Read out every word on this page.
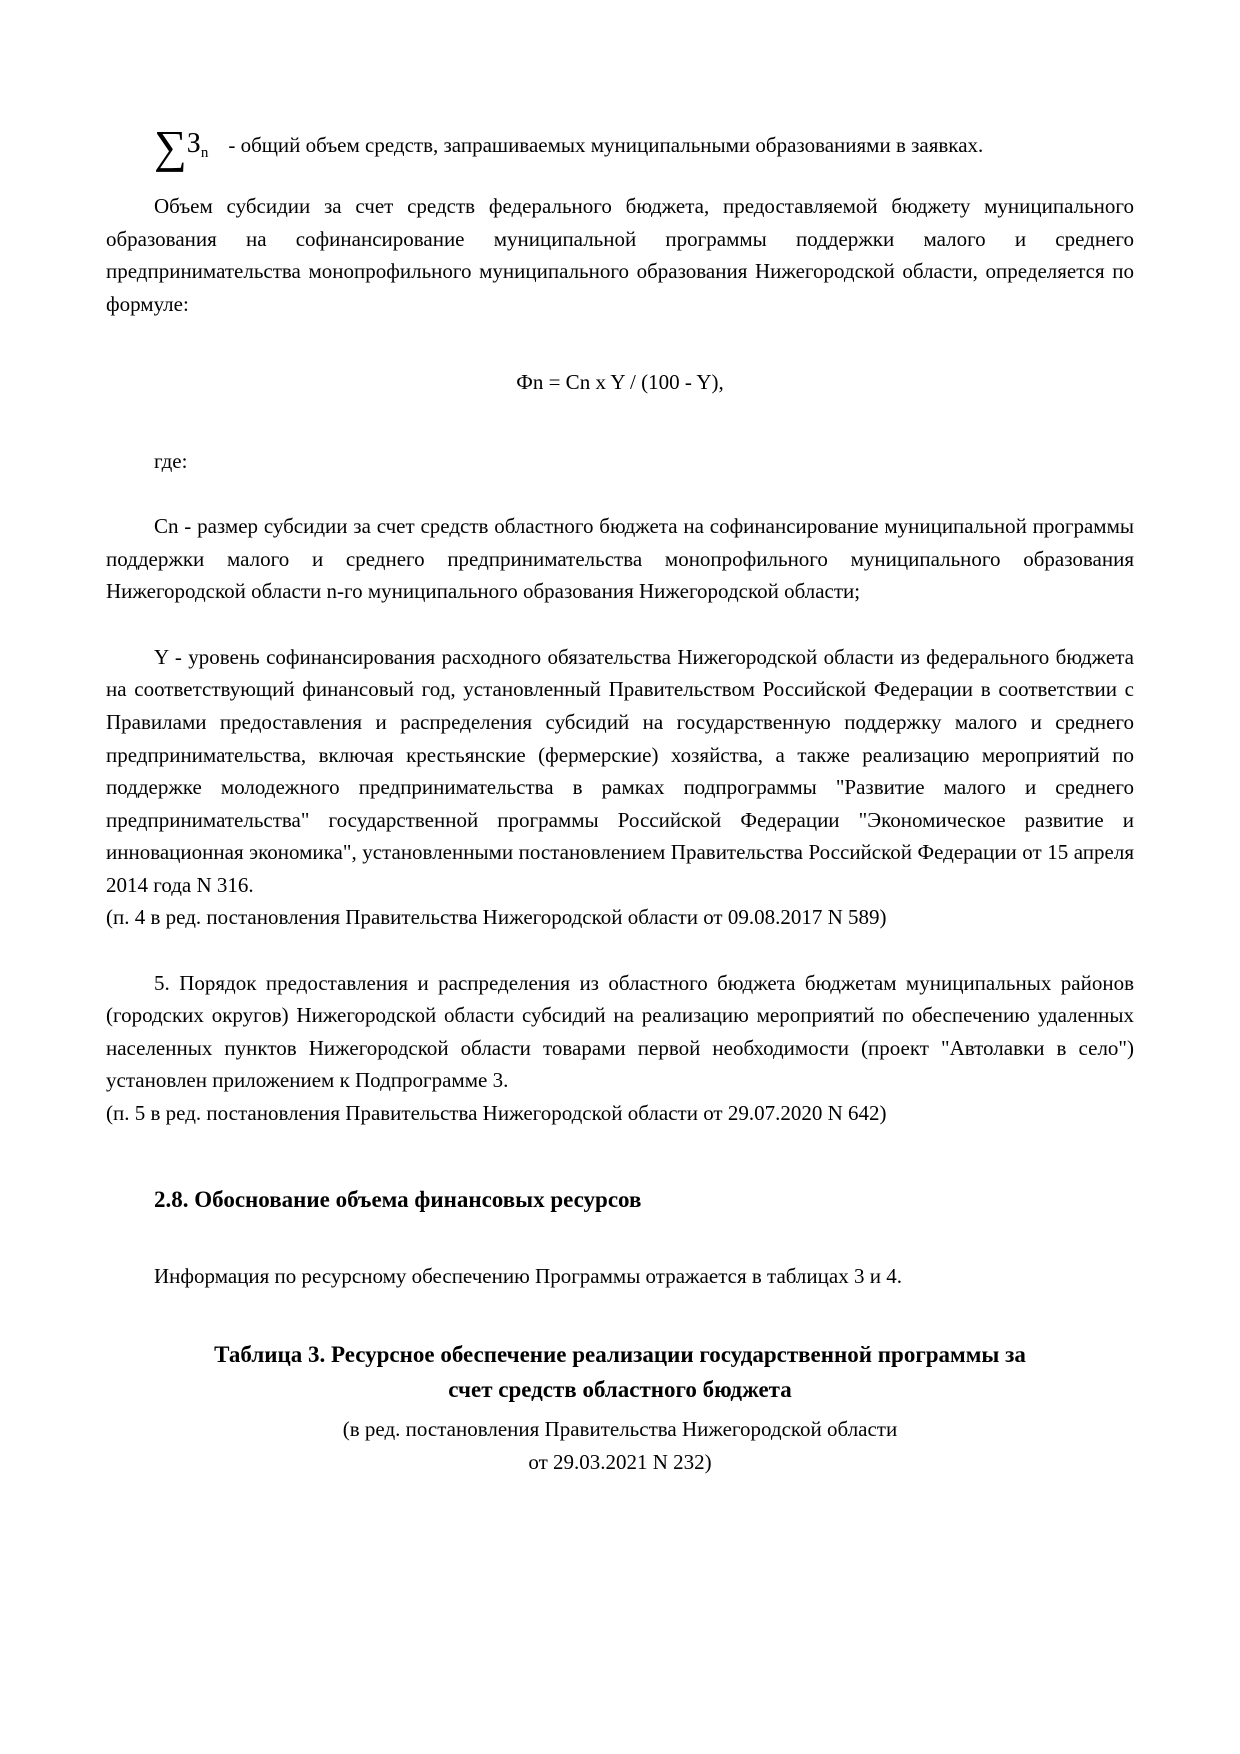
$\sum З_n$ - общий объем средств, запрашиваемых муниципальными образованиями в заявках.

Объем субсидии за счет средств федерального бюджета, предоставляемой бюджету муниципального образования на софинансирование муниципальной программы поддержки малого и среднего предпринимательства монопрофильного муниципального образования Нижегородской области, определяется по формуле:

Фn = Cn x Y / (100 - Y),

где:

Cn - размер субсидии за счет средств областного бюджета на софинансирование муниципальной программы поддержки малого и среднего предпринимательства монопрофильного муниципального образования Нижегородской области n-го муниципального образования Нижегородской области;

Y - уровень софинансирования расходного обязательства Нижегородской области из федерального бюджета на соответствующий финансовый год, установленный Правительством Российской Федерации в соответствии с Правилами предоставления и распределения субсидий на государственную поддержку малого и среднего предпринимательства, включая крестьянские (фермерские) хозяйства, а также реализацию мероприятий по поддержке молодежного предпринимательства в рамках подпрограммы "Развитие малого и среднего предпринимательства" государственной программы Российской Федерации "Экономическое развитие и инновационная экономика", установленными постановлением Правительства Российской Федерации от 15 апреля 2014 года N 316.

(п. 4 в ред. постановления Правительства Нижегородской области от 09.08.2017 N 589)

5. Порядок предоставления и распределения из областного бюджета бюджетам муниципальных районов (городских округов) Нижегородской области субсидий на реализацию мероприятий по обеспечению удаленных населенных пунктов Нижегородской области товарами первой необходимости (проект "Автолавки в село") установлен приложением к Подпрограмме 3.

(п. 5 в ред. постановления Правительства Нижегородской области от 29.07.2020 N 642)

2.8. Обоснование объема финансовых ресурсов

Информация по ресурсному обеспечению Программы отражается в таблицах 3 и 4.

Таблица 3. Ресурсное обеспечение реализации государственной программы за счет средств областного бюджета
(в ред. постановления Правительства Нижегородской области
от 29.03.2021 N 232)
